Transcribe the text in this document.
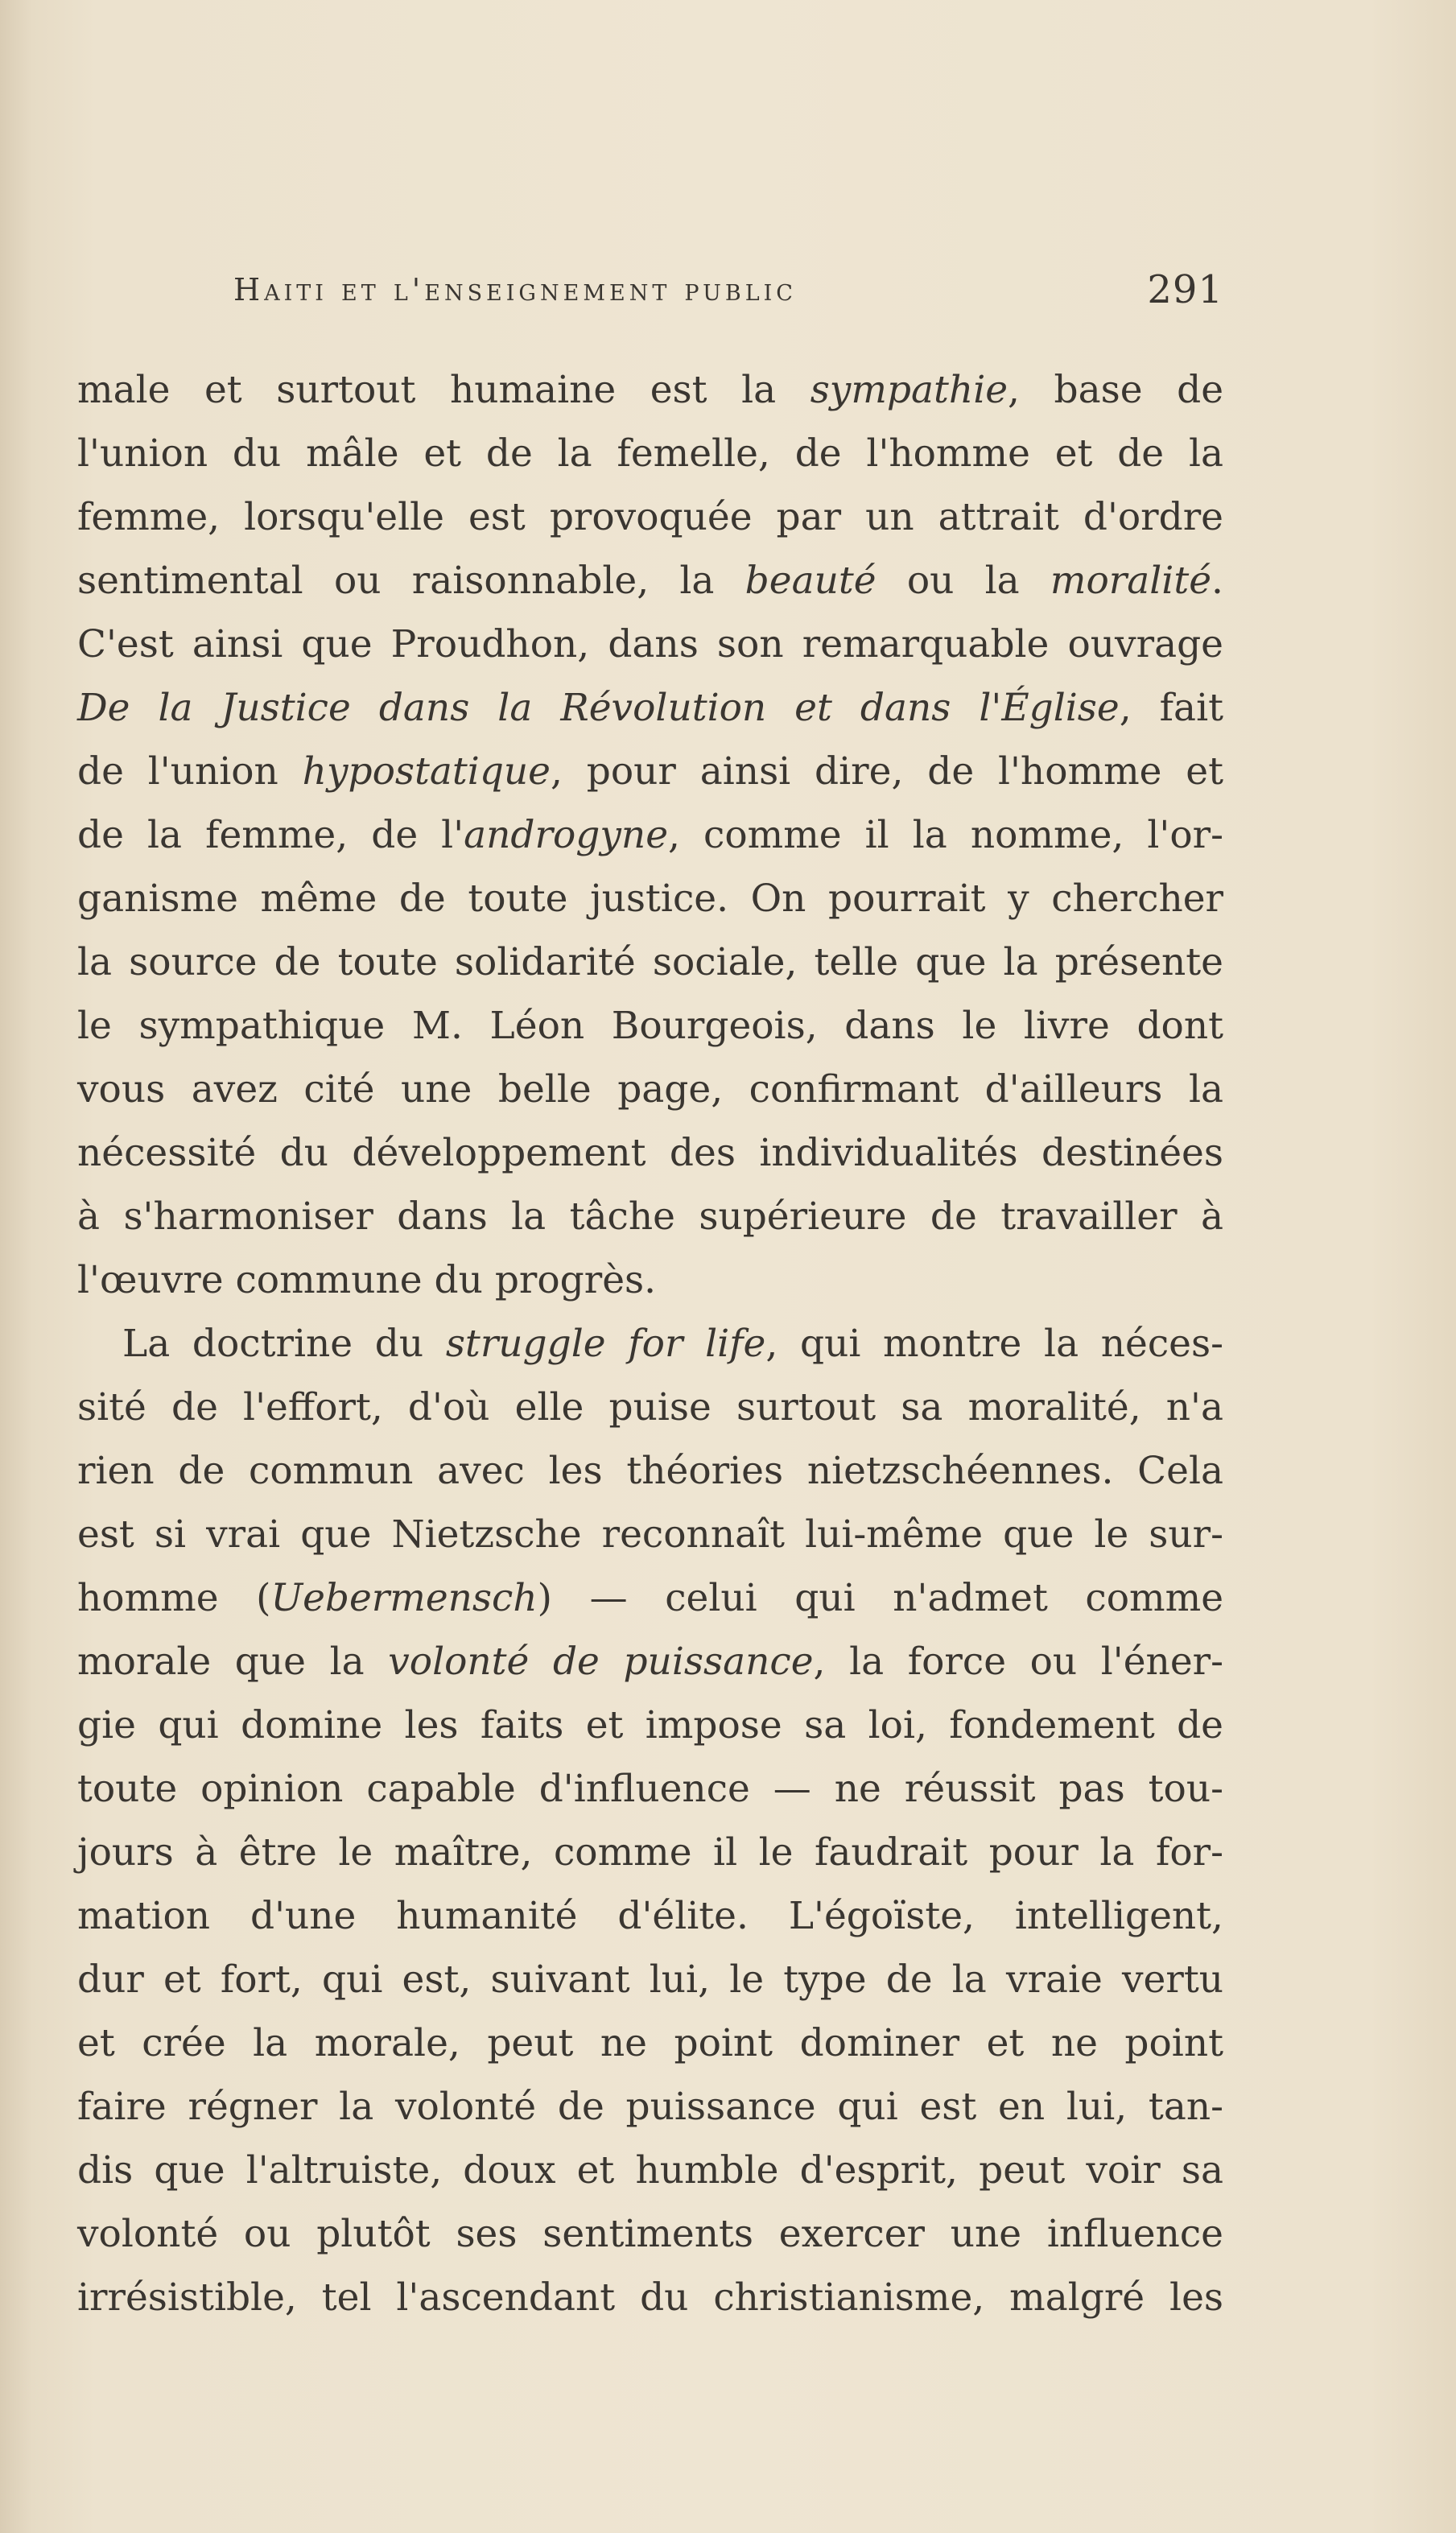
Haiti et l'enseignement public	291
male et surtout humaine est la sympathie, base de
l'union du mâle et de la femelle, de l'homme et de la
femme, lorsqu'elle est provoquée par un attrait d'ordre
sentimental ou raisonnable, la beauté ou la moralité.
C'est ainsi que Proudhon, dans son remarquable ouvrage
De la Justice dans la Révolution et dans l'Église, fait
de l'union hypostatique, pour ainsi dire, de l'homme et
de la femme, de l'androgyne, comme il la nomme, l'or-
ganisme même de toute justice. On pourrait y chercher
la source de toute solidarité sociale, telle que la présente
le sympathique M. Léon Bourgeois, dans le livre dont
vous avez cité une belle page, confirmant d'ailleurs la
nécessité du développement des individualités destinées
à s'harmoniser dans la tâche supérieure de travailler à
l'œuvre commune du progrès.
La doctrine du struggle for life, qui montre la néces-
sité de l'effort, d'où elle puise surtout sa moralité, n'a
rien de commun avec les théories nietzschéennes. Cela
est si vrai que Nietzsche reconnaît lui-même que le sur-
homme (Uebermensch) — celui qui n'admet comme
morale que la volonté de puissance, la force ou l'éner-
gie qui domine les faits et impose sa loi, fondement de
toute opinion capable d'influence — ne réussit pas tou-
jours à être le maître, comme il le faudrait pour la for-
mation d'une humanité d'élite. L'égoïste, intelligent,
dur et fort, qui est, suivant lui, le type de la vraie vertu
et crée la morale, peut ne point dominer et ne point
faire régner la volonté de puissance qui est en lui, tan-
dis que l'altruiste, doux et humble d'esprit, peut voir sa
volonté ou plutôt ses sentiments exercer une influence
irrésistible, tel l'ascendant du christianisme, malgré les
